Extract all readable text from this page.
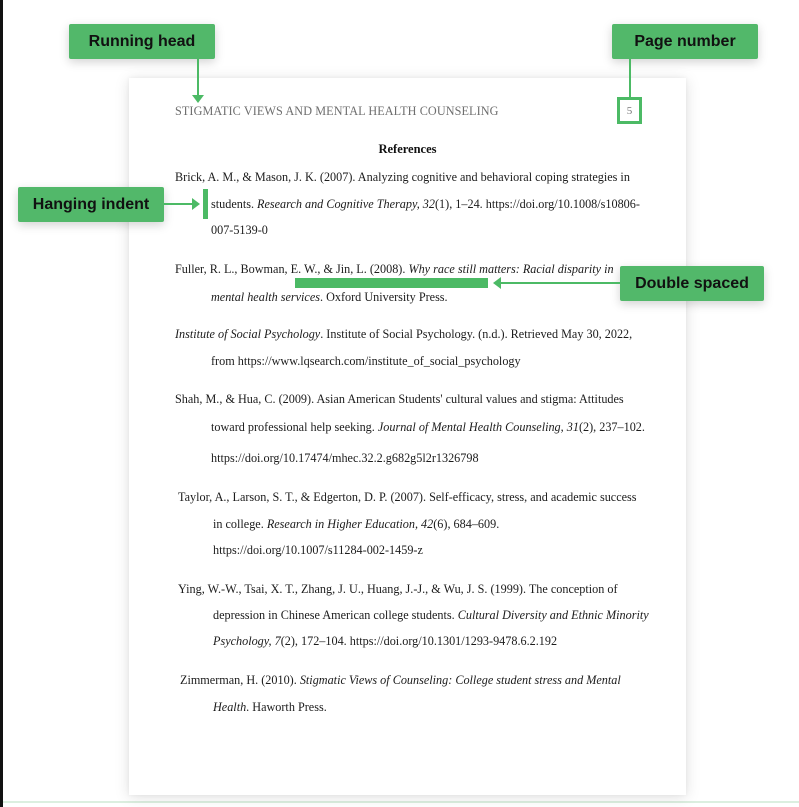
STIGMATIC VIEWS AND MENTAL HEALTH COUNSELING	5
References
Brick, A. M., & Mason, J. K. (2007). Analyzing cognitive and behavioral coping strategies in
students. Research and Cognitive Therapy, 32(1), 1–24. https://doi.org/10.1008/s10806-
007-5139-0
Fuller, R. L., Bowman, E. W., & Jin, L. (2008). Why race still matters: Racial disparity in
mental health services. Oxford University Press.
Institute of Social Psychology. Institute of Social Psychology. (n.d.). Retrieved May 30, 2022,
from https://www.lqsearch.com/institute_of_social_psychology
Shah, M., & Hua, C. (2009). Asian American Students' cultural values and stigma: Attitudes
toward professional help seeking. Journal of Mental Health Counseling, 31(2), 237–102.
https://doi.org/10.17474/mhec.32.2.g682g5l2r1326798
Taylor, A., Larson, S. T., & Edgerton, D. P. (2007). Self-efficacy, stress, and academic success
in college. Research in Higher Education, 42(6), 684–609.
https://doi.org/10.1007/s11284-002-1459-z
Ying, W.-W., Tsai, X. T., Zhang, J. U., Huang, J.-J., & Wu, J. S. (1999). The conception of
depression in Chinese American college students. Cultural Diversity and Ethnic Minority
Psychology, 7(2), 172–104. https://doi.org/10.1301/1293-9478.6.2.192
Zimmerman, H. (2010). Stigmatic Views of Counseling: College student stress and Mental
Health. Haworth Press.
Running head	Page number
Hanging indent
Double spaced
